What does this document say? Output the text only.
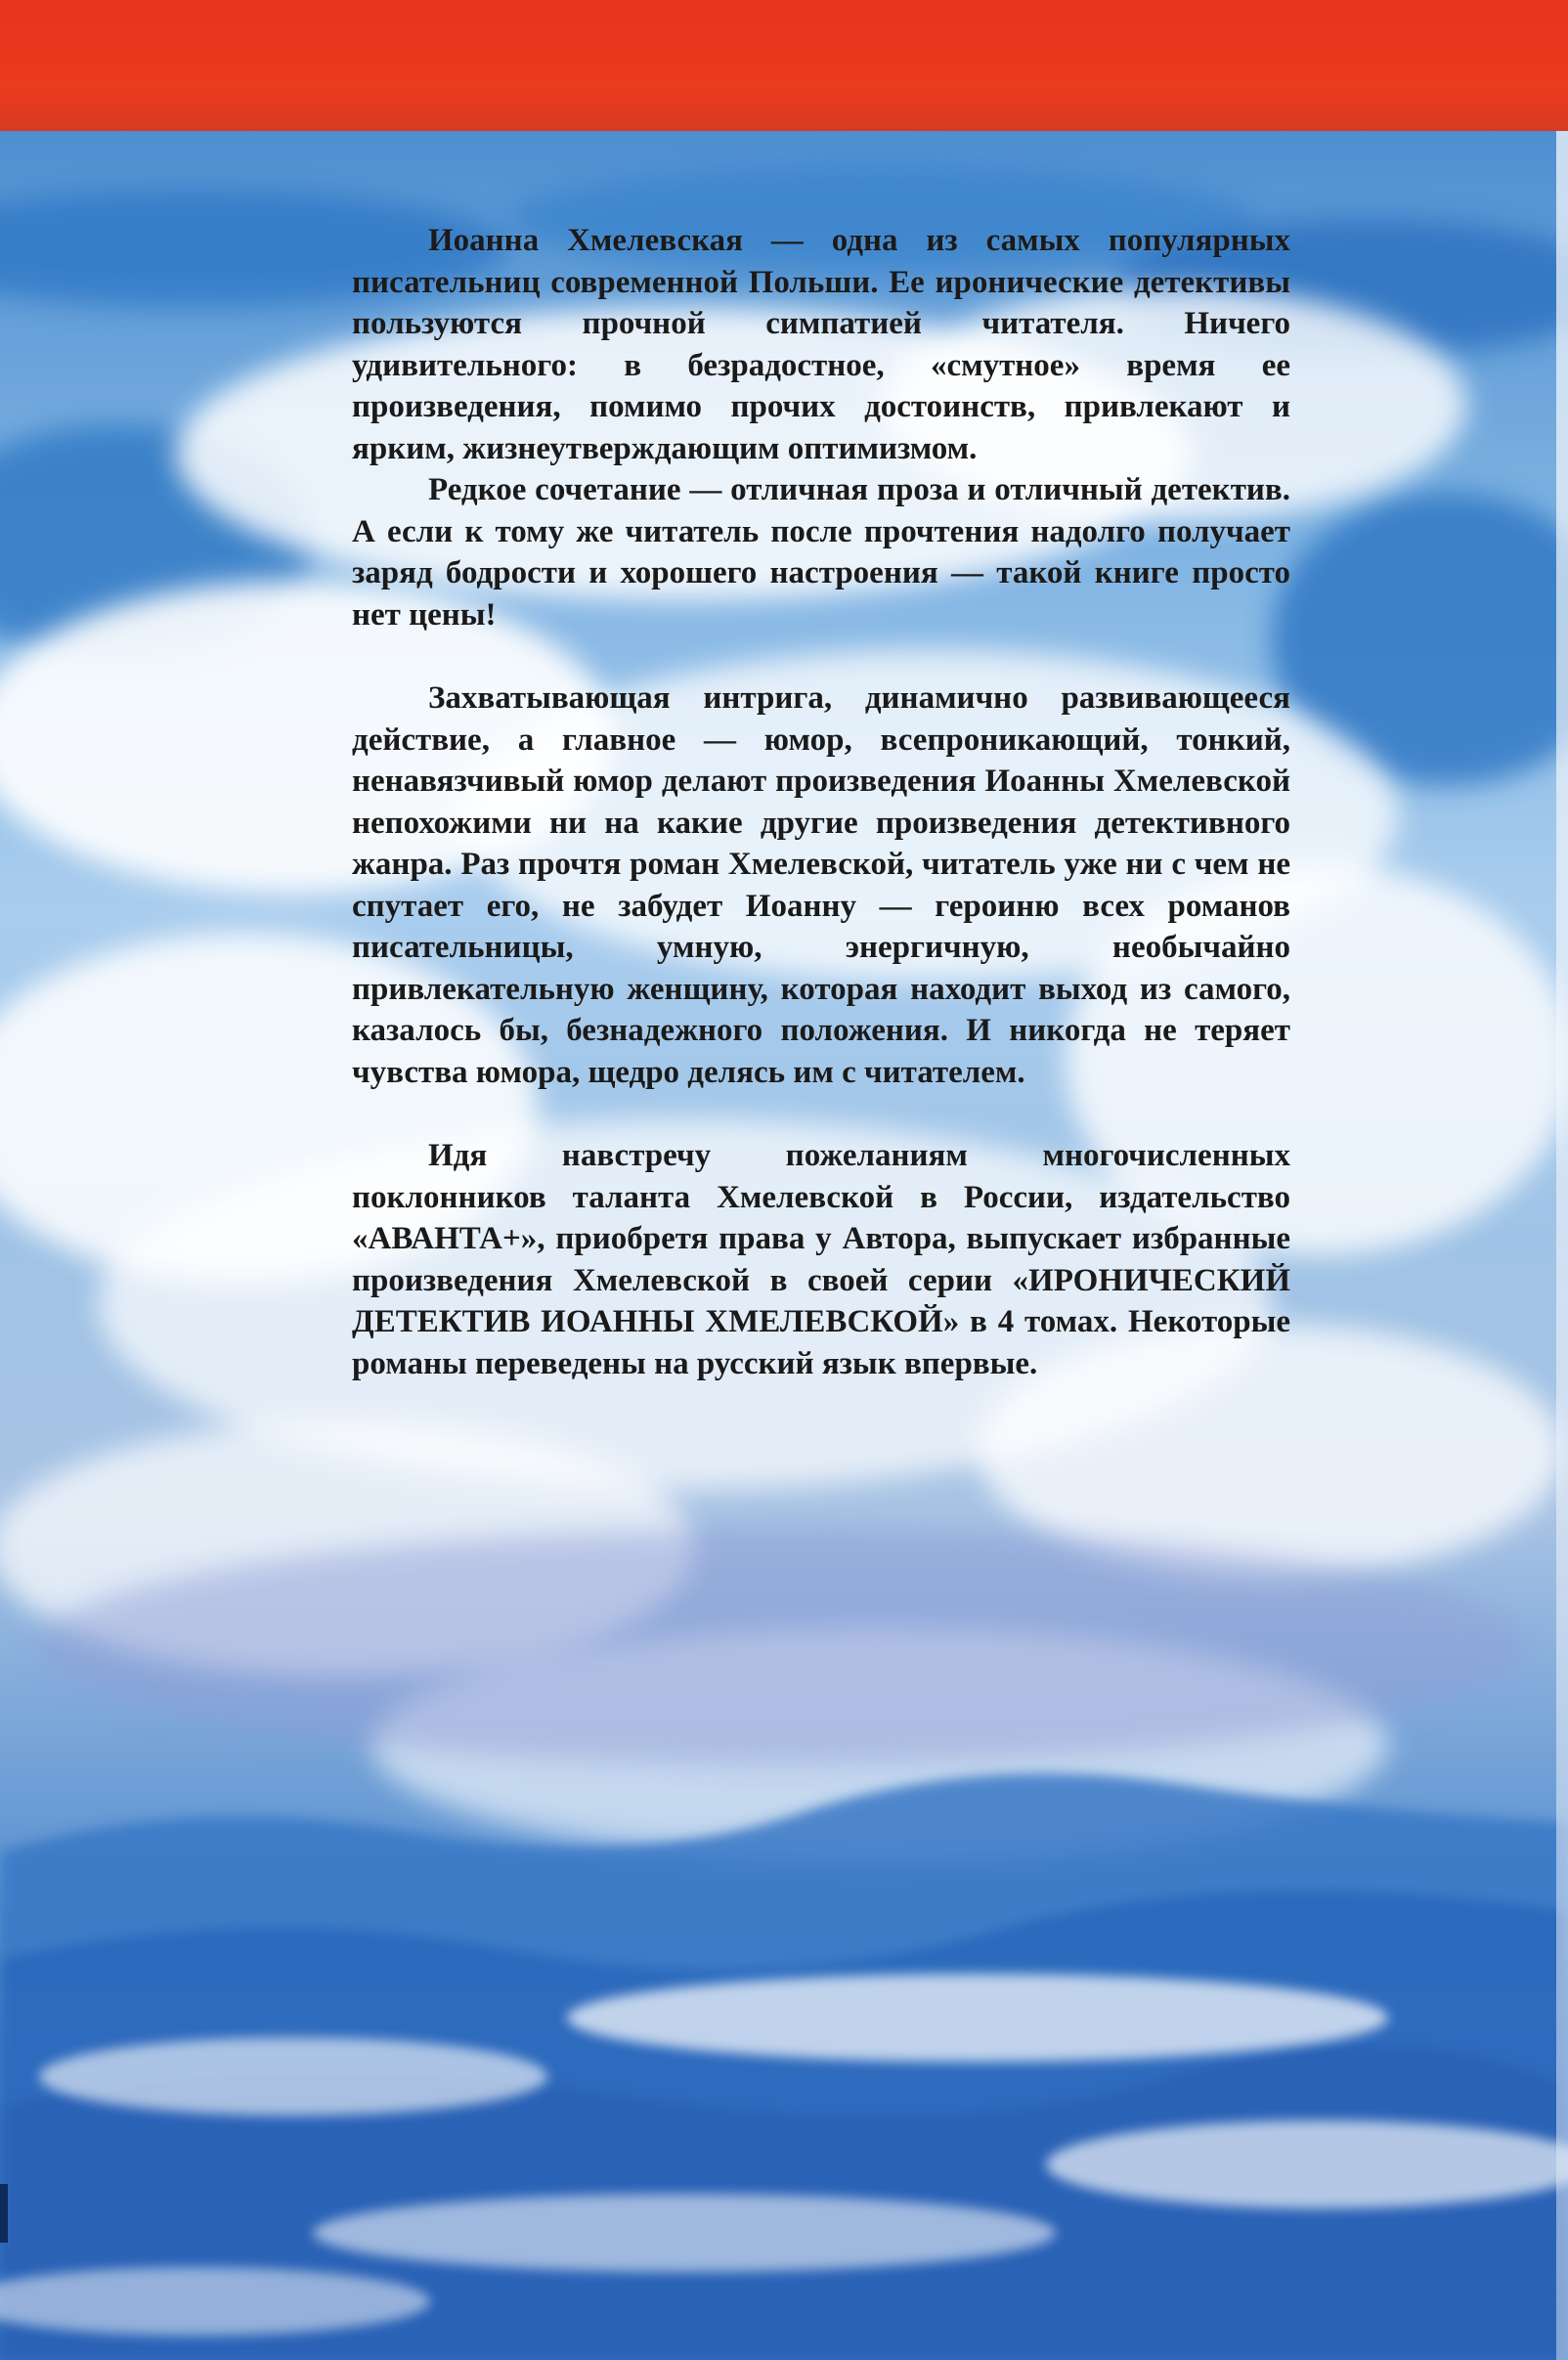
Иоанна Хмелевская — одна из самых популярных писательниц современной Польши. Ее иронические детективы пользуются прочной симпатией читателя. Ничего удивительного: в безрадостное, «смутное» время ее произведения, помимо прочих достоинств, привлекают и ярким, жизнеутверждающим оптимизмом.

Редкое сочетание — отличная проза и отличный детектив. А если к тому же читатель после прочтения надолго получает заряд бодрости и хорошего настроения — такой книге просто нет цены!

Захватывающая интрига, динамично развивающееся действие, а главное — юмор, всепроникающий, тонкий, ненавязчивый юмор делают произведения Иоанны Хмелевской непохожими ни на какие другие произведения детективного жанра. Раз прочтя роман Хмелевской, читатель уже ни с чем не спутает его, не забудет Иоанну — героиню всех романов писательницы, умную, энергичную, необычайно привлекательную женщину, которая находит выход из самого, казалось бы, безнадежного положения. И никогда не теряет чувства юмора, щедро делясь им с читателем.

Идя навстречу пожеланиям многочисленных поклонников таланта Хмелевской в России, издательство «АВАНТА+», приобретя права у Автора, выпускает избранные произведения Хмелевской в своей серии «ИРОНИЧЕСКИЙ ДЕТЕКТИВ ИОАННЫ ХМЕЛЕВСКОЙ» в 4 томах. Некоторые романы переведены на русский язык впервые.
